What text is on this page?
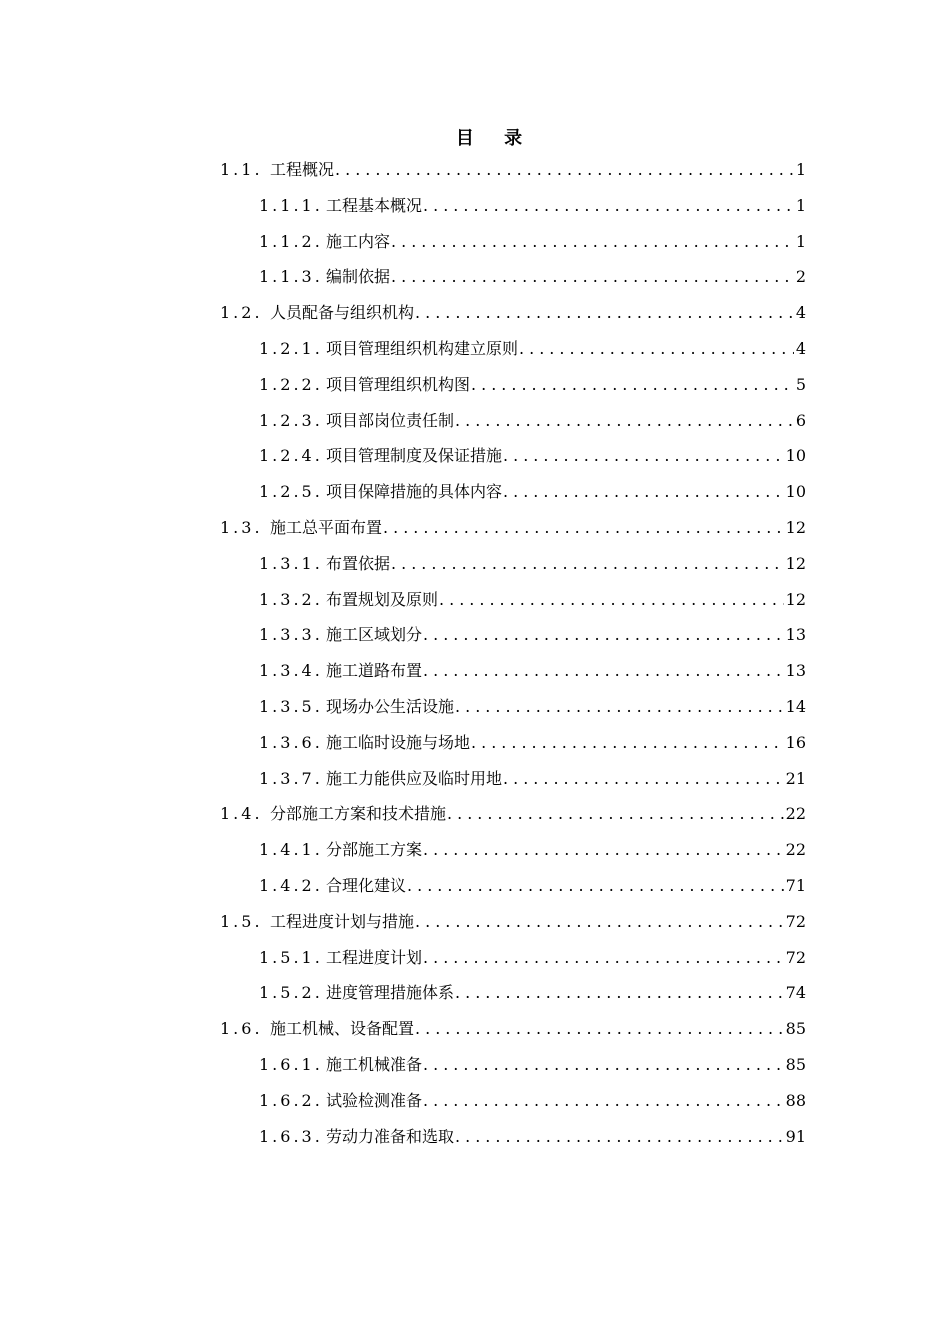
目 录
1.1. 工程概况 .....	1
1.1.1. 工程基本概况 .....	1
1.1.2. 施工内容 .....	1
1.1.3. 编制依据 .....	2
1.2. 人员配备与组织机构 .....	4
1.2.1. 项目管理组织机构建立原则 .....	4
1.2.2. 项目管理组织机构图 .....	5
1.2.3. 项目部岗位责任制 .....	6
1.2.4. 项目管理制度及保证措施 .....	10
1.2.5. 项目保障措施的具体内容 .....	10
1.3. 施工总平面布置 .....	12
1.3.1. 布置依据 .....	12
1.3.2. 布置规划及原则 .....	12
1.3.3. 施工区域划分 .....	13
1.3.4. 施工道路布置 .....	13
1.3.5. 现场办公生活设施 .....	14
1.3.6. 施工临时设施与场地 .....	16
1.3.7. 施工力能供应及临时用地 .....	21
1.4. 分部施工方案和技术措施 .....	22
1.4.1. 分部施工方案 .....	22
1.4.2. 合理化建议 .....	71
1.5. 工程进度计划与措施 .....	72
1.5.1. 工程进度计划 .....	72
1.5.2. 进度管理措施体系 .....	74
1.6. 施工机械、设备配置 .....	85
1.6.1. 施工机械准备 .....	85
1.6.2. 试验检测准备 .....	88
1.6.3. 劳动力准备和选取 .....	91
